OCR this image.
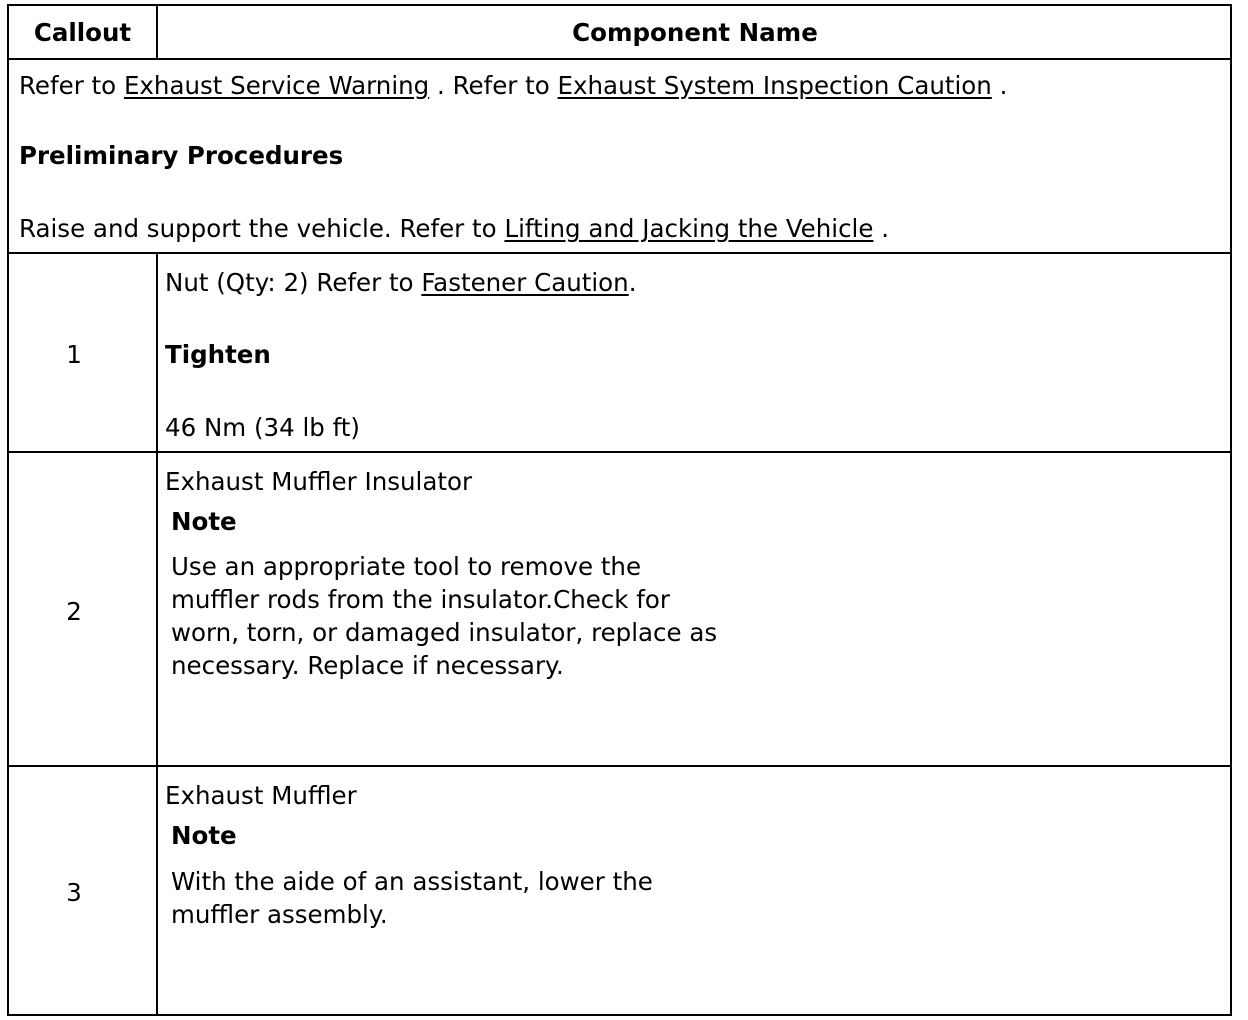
Callout	Component Name
Refer to Exhaust Service Warning . Refer to Exhaust System Inspection Caution .
Preliminary Procedures
Raise and support the vehicle. Refer to Lifting and Jacking the Vehicle .
1
Nut (Qty: 2) Refer to Fastener Caution.
Tighten
46 Nm (34 lb ft)
2
Exhaust Muffler Insulator
Note
Use an appropriate tool to remove the
muffler rods from the insulator.Check for
worn, torn, or damaged insulator, replace as
necessary. Replace if necessary.
3
Exhaust Muffler
Note
With the aide of an assistant, lower the
muffler assembly.
